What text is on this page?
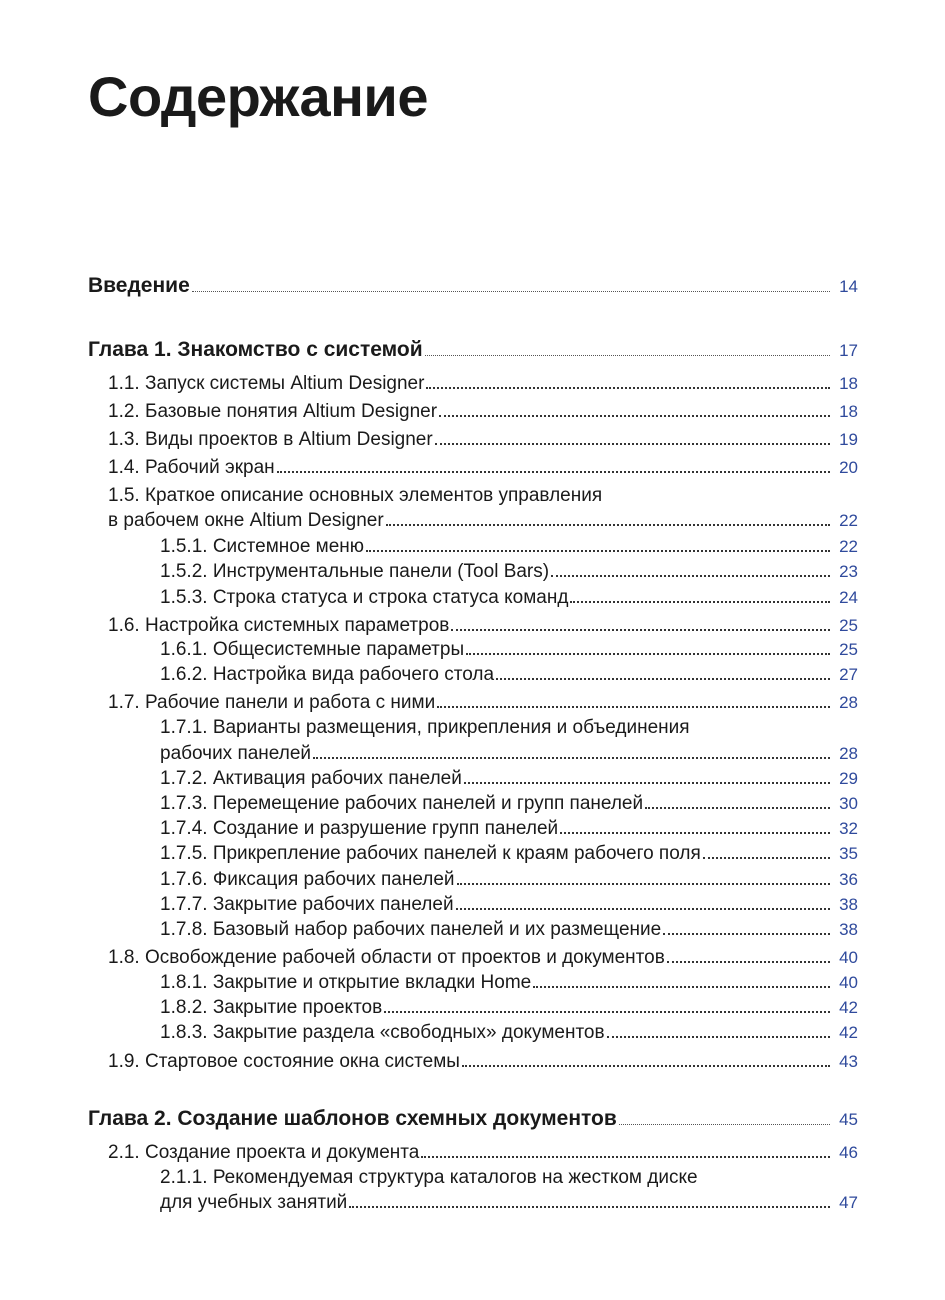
Содержание
Введение	14
Глава 1. Знакомство с системой	17
1.1. Запуск системы Altium Designer	18
1.2. Базовые понятия Altium Designer	18
1.3. Виды проектов в Altium Designer	19
1.4. Рабочий экран	20
1.5. Краткое описание основных элементов управления
в рабочем окне Altium Designer	22
1.5.1. Системное меню	22
1.5.2. Инструментальные панели (Tool Bars)	23
1.5.3. Строка статуса и строка статуса команд	24
1.6. Настройка системных параметров	25
1.6.1. Общесистемные параметры	25
1.6.2. Настройка вида рабочего стола	27
1.7. Рабочие панели и работа с ними	28
1.7.1. Варианты размещения, прикрепления и объединения
рабочих панелей	28
1.7.2. Активация рабочих панелей	29
1.7.3. Перемещение рабочих панелей и групп панелей	30
1.7.4. Создание и разрушение групп панелей	32
1.7.5. Прикрепление рабочих панелей к краям рабочего поля	35
1.7.6. Фиксация рабочих панелей	36
1.7.7. Закрытие рабочих панелей	38
1.7.8. Базовый набор рабочих панелей и их размещение	38
1.8. Освобождение рабочей области от проектов и документов	40
1.8.1. Закрытие и открытие вкладки Home	40
1.8.2. Закрытие проектов	42
1.8.3. Закрытие раздела «свободных» документов	42
1.9. Стартовое состояние окна системы	43
Глава 2. Создание шаблонов схемных документов	45
2.1. Создание проекта и документа	46
2.1.1. Рекомендуемая структура каталогов на жестком диске
для учебных занятий	47
